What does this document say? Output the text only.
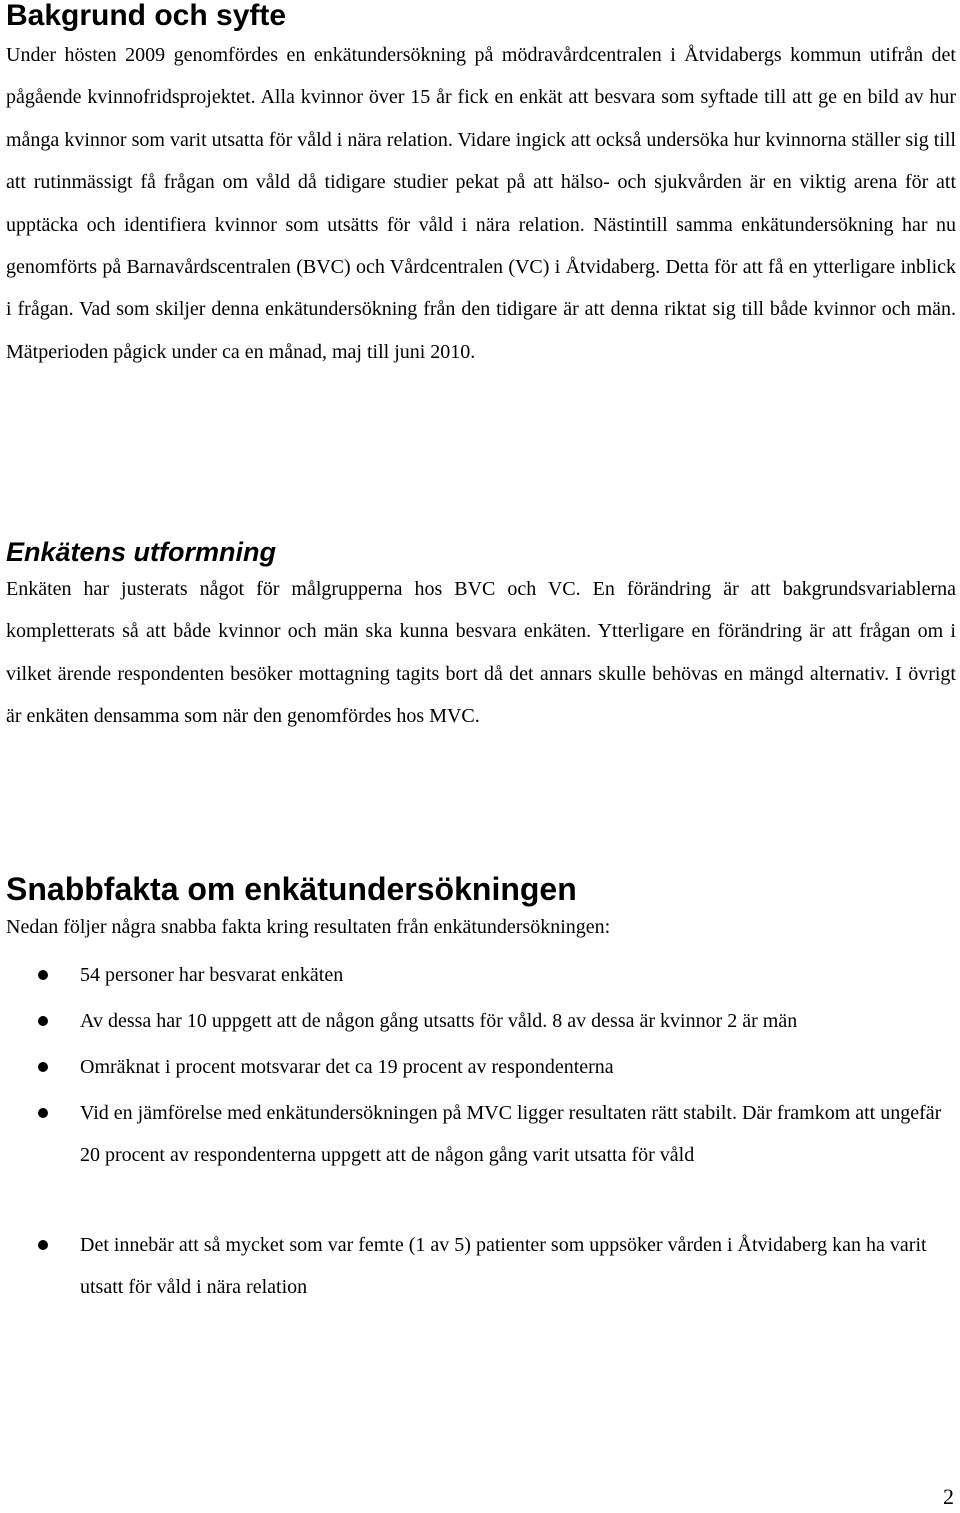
Bakgrund och syfte

Under hösten 2009 genomfördes en enkätundersökning på mödravårdcentralen i Åtvidabergs kommun utifrån det pågående kvinnofridsprojektet. Alla kvinnor över 15 år fick en enkät att besvara som syftade till att ge en bild av hur många kvinnor som varit utsatta för våld i nära relation. Vidare ingick att också undersöka hur kvinnorna ställer sig till att rutinmässigt få frågan om våld då tidigare studier pekat på att hälso- och sjukvården är en viktig arena för att upptäcka och identifiera kvinnor som utsätts för våld i nära relation. Nästintill samma enkätundersökning har nu genomförts på Barnavårdscentralen (BVC) och Vårdcentralen (VC) i Åtvidaberg. Detta för att få en ytterligare inblick i frågan. Vad som skiljer denna enkätundersökning från den tidigare är att denna riktat sig till både kvinnor och män. Mätperioden pågick under ca en månad, maj till juni 2010.

Enkätens utformning

Enkäten har justerats något för målgrupperna hos BVC och VC. En förändring är att bakgrundsvariablerna kompletterats så att både kvinnor och män ska kunna besvara enkäten. Ytterligare en förändring är att frågan om i vilket ärende respondenten besöker mottagning tagits bort då det annars skulle behövas en mängd alternativ. I övrigt är enkäten densamma som när den genomfördes hos MVC.

Snabbfakta om enkätundersökningen

Nedan följer några snabba fakta kring resultaten från enkätundersökningen:

54 personer har besvarat enkäten
Av dessa har 10 uppgett att de någon gång utsatts för våld. 8 av dessa är kvinnor 2 är män
Omräknat i procent motsvarar det ca 19 procent av respondenterna
Vid en jämförelse med enkätundersökningen på MVC ligger resultaten rätt stabilt. Där framkom att ungefär 20 procent av respondenterna uppgett att de någon gång varit utsatta för våld
Det innebär att så mycket som var femte (1 av 5) patienter som uppsöker vården i Åtvidaberg kan ha varit utsatt för våld i nära relation
2
